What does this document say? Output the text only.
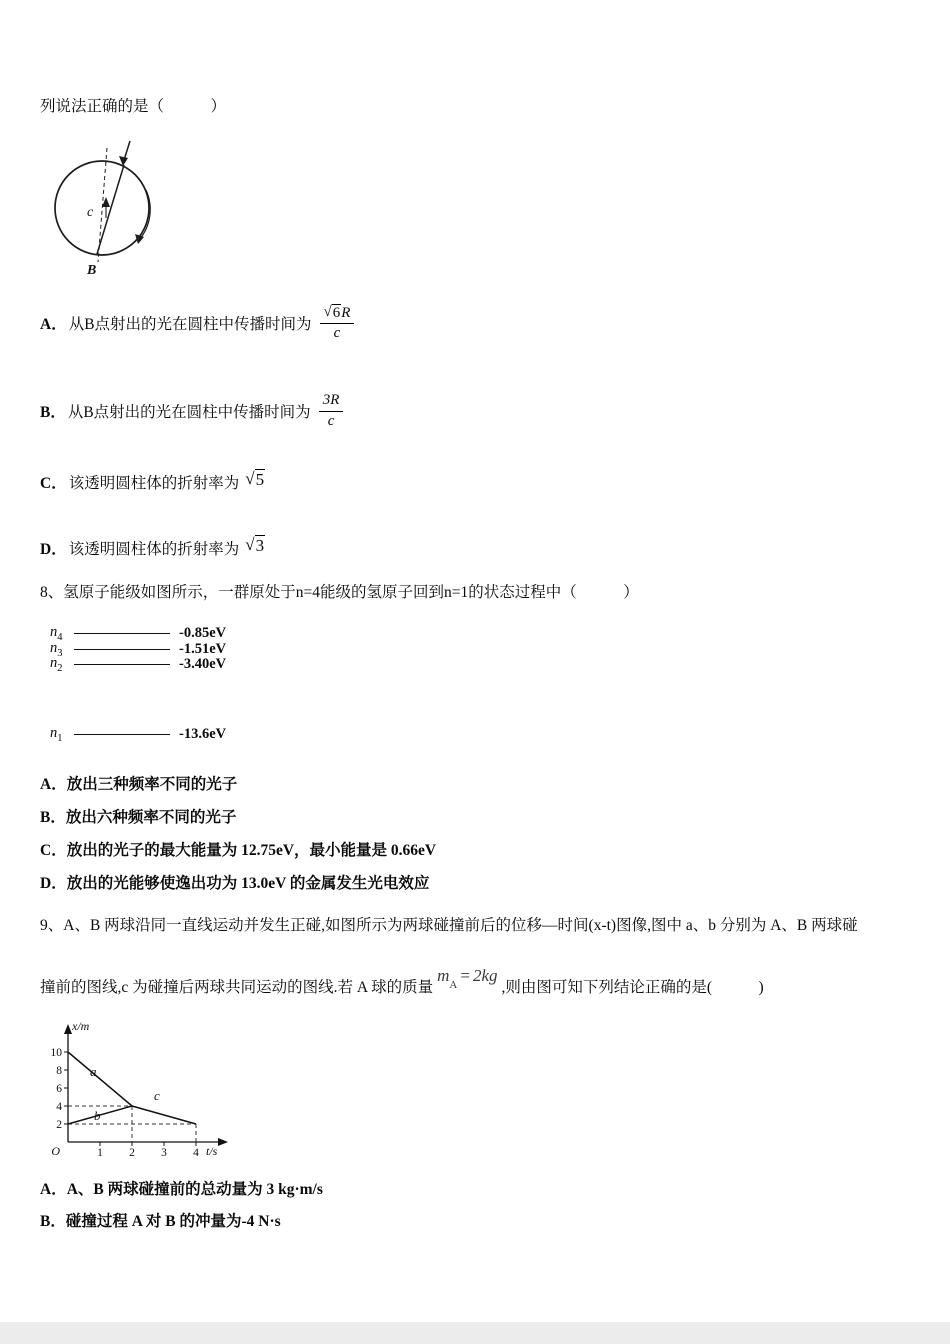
列说法正确的是（　　　）

c
B
A． 从B点射出的光在圆柱中传播时间为 $\frac{√ 6 R}{c}$
B． 从B点射出的光在圆柱中传播时间为 $\frac{3R}{c}$
C． 该透明圆柱体的折射率为 √ 5
D． 该透明圆柱体的折射率为 √ 3

8、氢原子能级如图所示，一群原处于n=4能级的氢原子回到n=1的状态过程中（　　　）

$n_4$	-0.85eV
$n_3$	-1.51eV
$n_2$	-3.40eV
$n_1$	-13.6eV

A．放出三种频率不同的光子

B．放出六种频率不同的光子

C．放出的光子的最大能量为 12.75eV，最小能量是 0.66eV

D．放出的光能够使逸出功为 13.0eV 的金属发生光电效应

9、A、B 两球沿同一直线运动并发生正碰,如图所示为两球碰撞前后的位移—时间(x-t)图像,图中 a、b 分别为 A、B 两球碰

撞前的图线,c 为碰撞后两球共同运动的图线.若 A 球的质量
$m_A= 2kg$
,则由图可知下列结论正确的是(　　　)
x/m
t/s
O
10
8
6
4
2
1 2 3 4
a
b
c

A．A、B 两球碰撞前的总动量为 3 kg·m/s

B．碰撞过程 A 对 B 的冲量为-4 N·s
